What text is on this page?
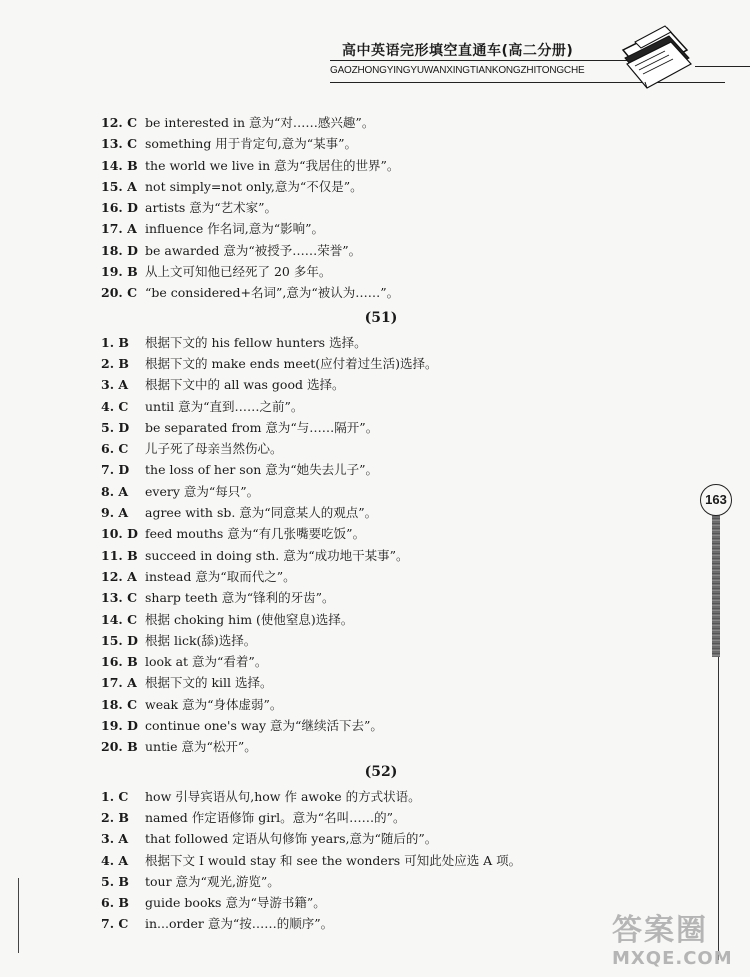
高中英语完形填空直通车(高二分册)
GAOZHONGYINGYUWANXINGTIANKONGZHITONGCHE
12. C be interested in 意为“对……感兴趣”。
13. C something 用于肯定句,意为“某事”。
14. B the world we live in 意为“我居住的世界”。
15. A not simply=not only,意为“不仅是”。
16. D artists 意为“艺术家”。
17. A influence 作名词,意为“影响”。
18. D be awarded 意为“被授予……荣誉”。
19. B 从上文可知他已经死了 20 多年。
20. C “be considered+名词”,意为“被认为……”。
(51)
1. B 根据下文的 his fellow hunters 选择。
2. B 根据下文的 make ends meet(应付着过生活)选择。
3. A 根据下文中的 all was good 选择。
4. C until 意为“直到……之前”。
5. D be separated from 意为“与……隔开”。
6. C 儿子死了母亲当然伤心。
7. D the loss of her son 意为“她失去儿子”。
8. A every 意为“每只”。
9. A agree with sb. 意为“同意某人的观点”。
10. D feed mouths 意为“有几张嘴要吃饭”。
11. B succeed in doing sth. 意为“成功地干某事”。
12. A instead 意为“取而代之”。
13. C sharp teeth 意为“锋利的牙齿”。
14. C 根据 choking him (使他窒息)选择。
15. D 根据 lick(舔)选择。
16. B look at 意为“看着”。
17. A 根据下文的 kill 选择。
18. C weak 意为“身体虚弱”。
19. D continue one's way 意为“继续活下去”。
20. B untie 意为“松开”。
(52)
1. C how 引导宾语从句,how 作 awoke 的方式状语。
2. B named 作定语修饰 girl。意为“名叫……的”。
3. A that followed 定语从句修饰 years,意为“随后的”。
4. A 根据下文 I would stay 和 see the wonders 可知此处应选 A 项。
5. B tour 意为“观光,游览”。
6. B guide books 意为“导游书籍”。
7. C in...order 意为“按……的顺序”。
163
答案圈
MXQE.COM
